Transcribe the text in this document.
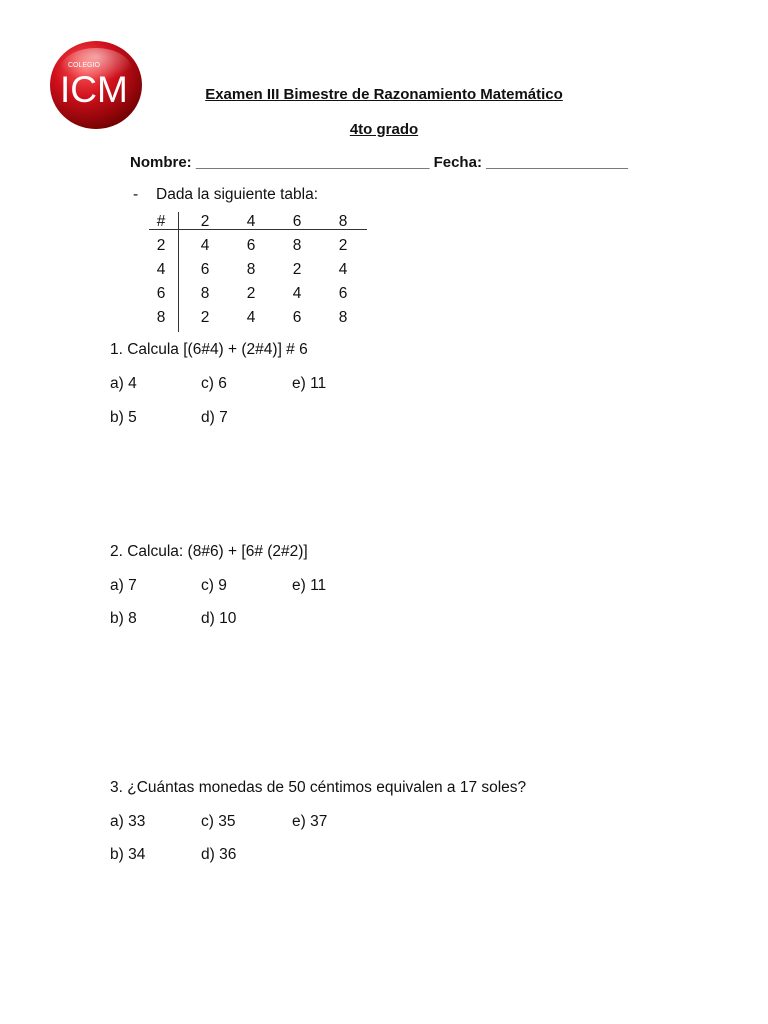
COLEGIO
ICM	Examen III Bimestre de Razonamiento Matemático
4to grado
Nombre: ____________________________ Fecha: _________________
- Dada la siguiente tabla:
#	2	4	6	8
2	4	6	8	2
4	6	8	2	4
6	8	2	4	6
8	2	4	6	8
1. Calcula [(6#4) + (2#4)] # 6
a) 4	c) 6	e) 11
b) 5	d) 7
2. Calcula: (8#6) + [6# (2#2)]
a) 7	c) 9	e) 11
b) 8	d) 10
3. ¿Cuántas monedas de 50 céntimos equivalen a 17 soles?
a) 33	c) 35	e) 37
b) 34	d) 36
